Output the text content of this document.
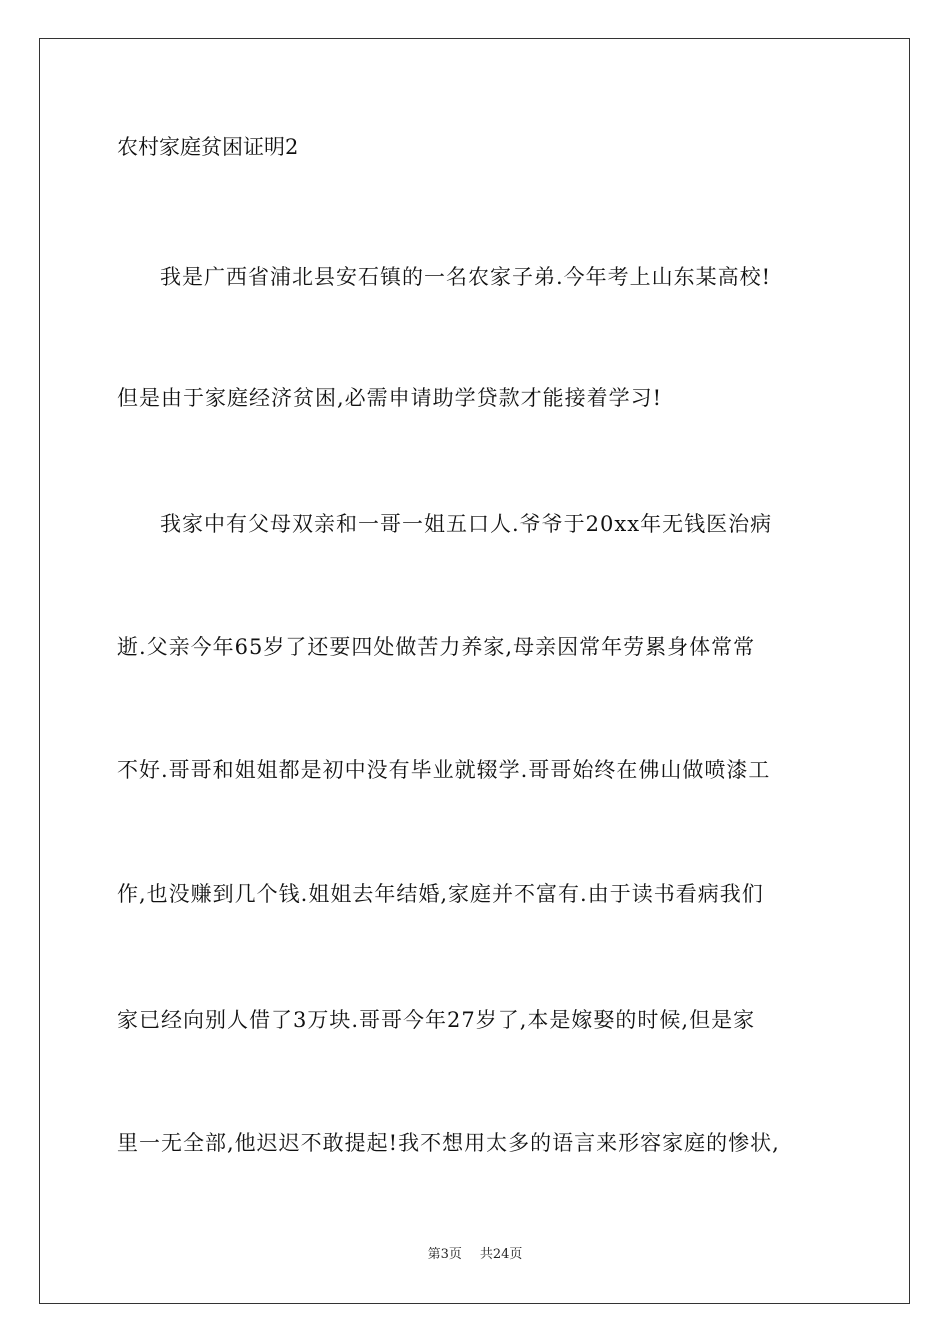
农村家庭贫困证明2
我是广西省浦北县安石镇的一名农家子弟.今年考上山东某高校!
但是由于家庭经济贫困,必需申请助学贷款才能接着学习!
我家中有父母双亲和一哥一姐五口人.爷爷于20xx年无钱医治病
逝.父亲今年65岁了还要四处做苦力养家,母亲因常年劳累身体常常
不好.哥哥和姐姐都是初中没有毕业就辍学.哥哥始终在佛山做喷漆工
作,也没赚到几个钱.姐姐去年结婚,家庭并不富有.由于读书看病我们
家已经向别人借了3万块.哥哥今年27岁了,本是嫁娶的时候,但是家
里一无全部,他迟迟不敢提起!我不想用太多的语言来形容家庭的惨状,
第3页 共24页
